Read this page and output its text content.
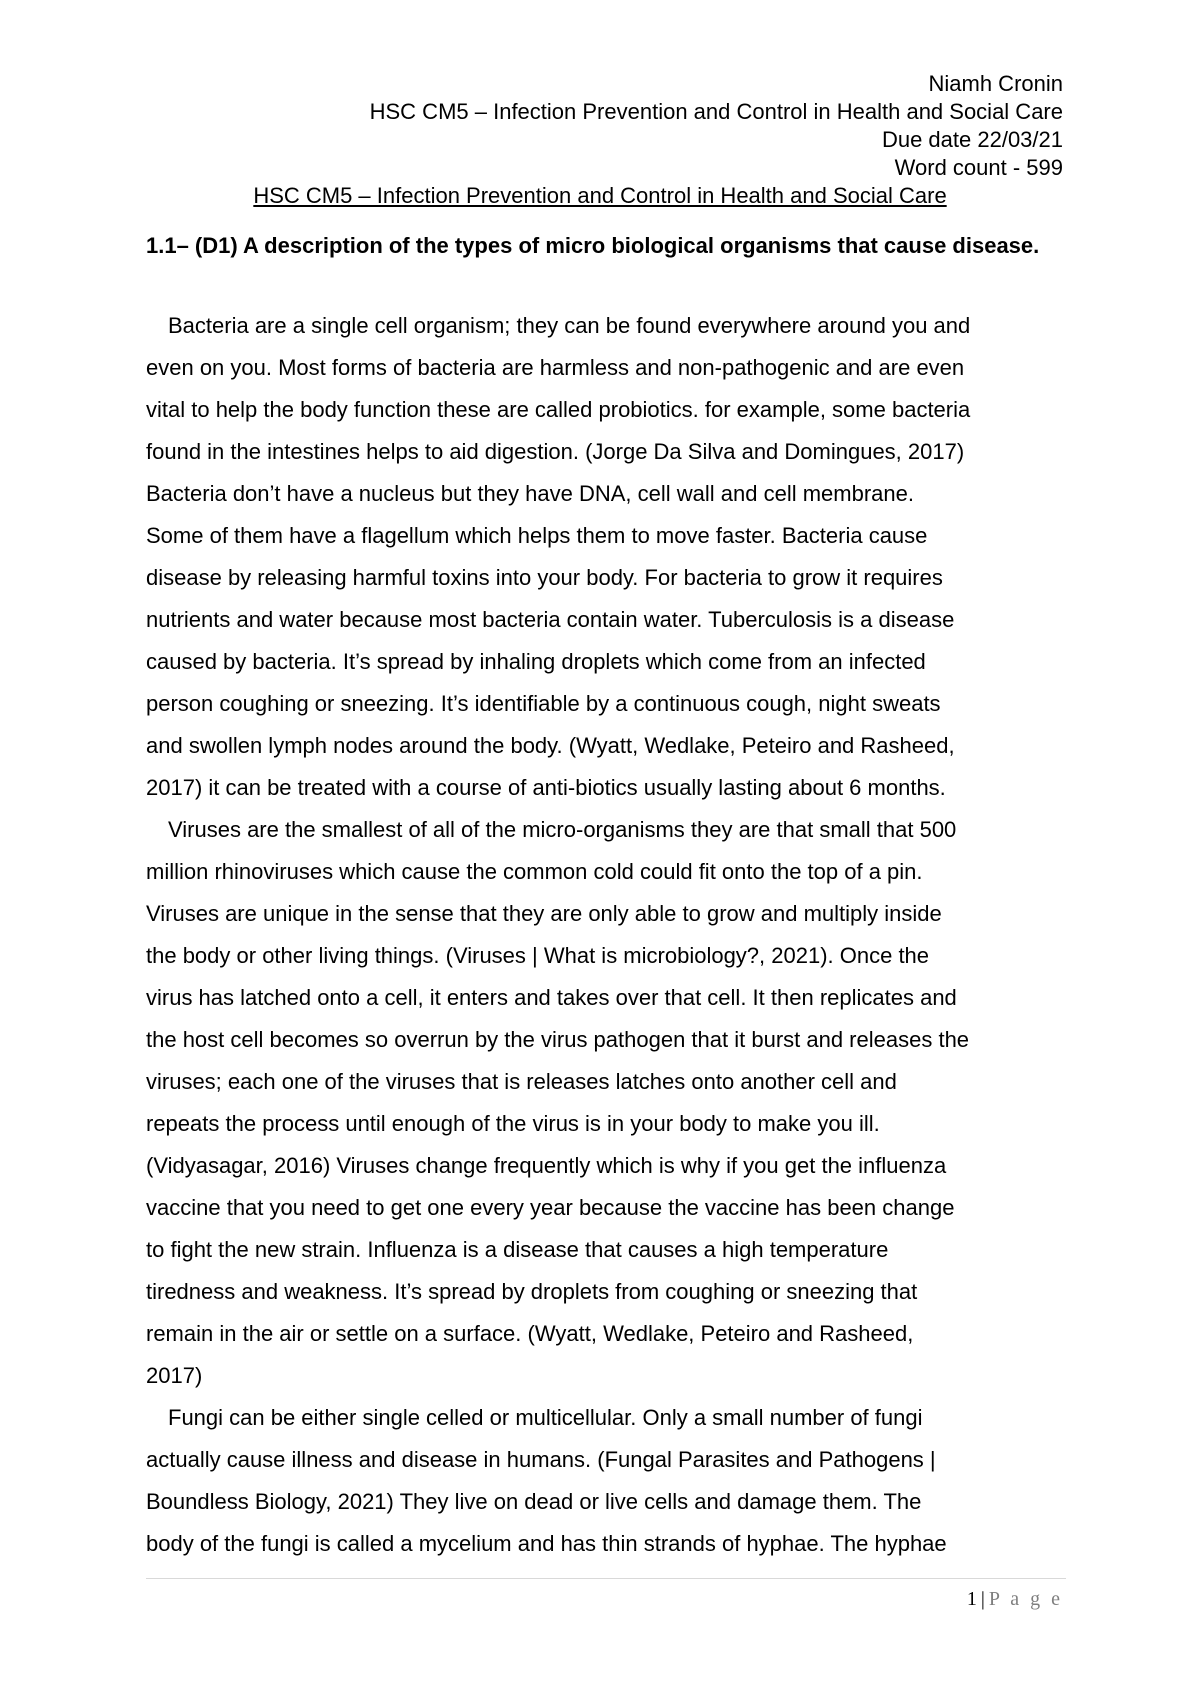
Niamh Cronin
HSC CM5 – Infection Prevention and Control in Health and Social Care
Due date 22/03/21
Word count - 599
HSC CM5 – Infection Prevention and Control in Health and Social Care
1.1– (D1) A description of the types of micro biological organisms that cause disease.
Bacteria are a single cell organism; they can be found everywhere around you and
even on you. Most forms of bacteria are harmless and non-pathogenic and are even
vital to help the body function these are called probiotics. for example, some bacteria
found in the intestines helps to aid digestion. (Jorge Da Silva and Domingues, 2017)
Bacteria don’t have a nucleus but they have DNA, cell wall and cell membrane.
Some of them have a flagellum which helps them to move faster. Bacteria cause
disease by releasing harmful toxins into your body. For bacteria to grow it requires
nutrients and water because most bacteria contain water. Tuberculosis is a disease
caused by bacteria. It’s spread by inhaling droplets which come from an infected
person coughing or sneezing. It’s identifiable by a continuous cough, night sweats
and swollen lymph nodes around the body. (Wyatt, Wedlake, Peteiro and Rasheed,
2017) it can be treated with a course of anti-biotics usually lasting about 6 months.
Viruses are the smallest of all of the micro-organisms they are that small that 500
million rhinoviruses which cause the common cold could fit onto the top of a pin.
Viruses are unique in the sense that they are only able to grow and multiply inside
the body or other living things. (Viruses | What is microbiology?, 2021). Once the
virus has latched onto a cell, it enters and takes over that cell. It then replicates and
the host cell becomes so overrun by the virus pathogen that it burst and releases the
viruses; each one of the viruses that is releases latches onto another cell and
repeats the process until enough of the virus is in your body to make you ill.
(Vidyasagar, 2016) Viruses change frequently which is why if you get the influenza
vaccine that you need to get one every year because the vaccine has been change
to fight the new strain. Influenza is a disease that causes a high temperature
tiredness and weakness. It’s spread by droplets from coughing or sneezing that
remain in the air or settle on a surface. (Wyatt, Wedlake, Peteiro and Rasheed,
2017)
Fungi can be either single celled or multicellular. Only a small number of fungi
actually cause illness and disease in humans. (Fungal Parasites and Pathogens |
Boundless Biology, 2021) They live on dead or live cells and damage them. The
body of the fungi is called a mycelium and has thin strands of hyphae. The hyphae
1 | P a g e
